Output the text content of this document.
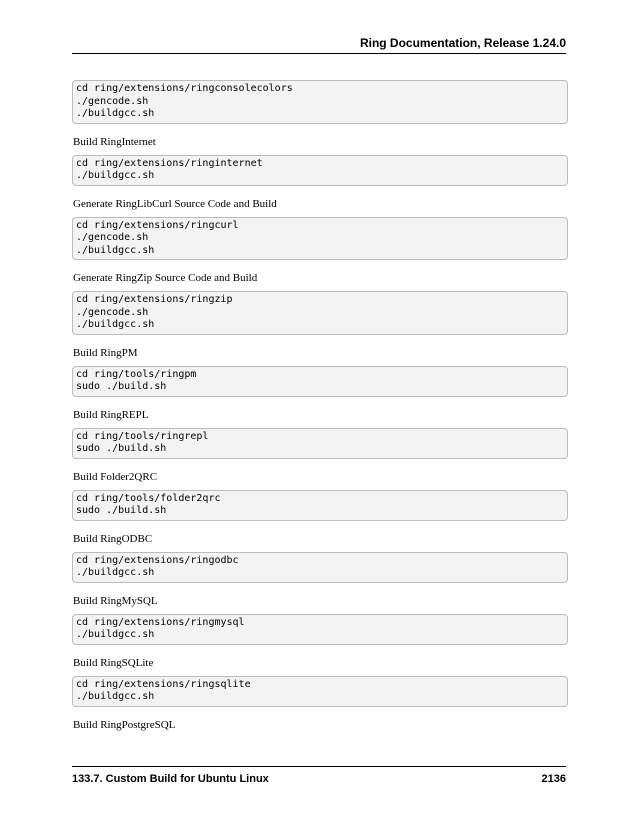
Ring Documentation, Release 1.24.0
cd ring/extensions/ringconsolecolors
./gencode.sh
./buildgcc.sh
Build RingInternet
cd ring/extensions/ringinternet
./buildgcc.sh
Generate RingLibCurl Source Code and Build
cd ring/extensions/ringcurl
./gencode.sh
./buildgcc.sh
Generate RingZip Source Code and Build
cd ring/extensions/ringzip
./gencode.sh
./buildgcc.sh
Build RingPM
cd ring/tools/ringpm
sudo ./build.sh
Build RingREPL
cd ring/tools/ringrepl
sudo ./build.sh
Build Folder2QRC
cd ring/tools/folder2qrc
sudo ./build.sh
Build RingODBC
cd ring/extensions/ringodbc
./buildgcc.sh
Build RingMySQL
cd ring/extensions/ringmysql
./buildgcc.sh
Build RingSQLite
cd ring/extensions/ringsqlite
./buildgcc.sh
Build RingPostgreSQL
133.7. Custom Build for Ubuntu Linux	2136
